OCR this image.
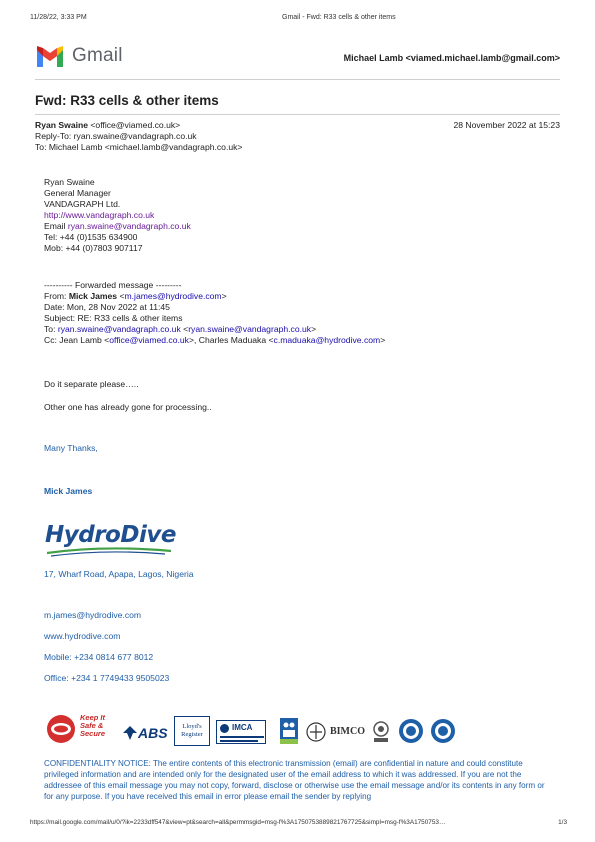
11/28/22, 3:33 PM	Gmail - Fwd: R33 cells & other items
Gmail	Michael Lamb <viamed.michael.lamb@gmail.com>
Fwd: R33 cells & other items
Ryan Swaine <office@viamed.co.uk>	28 November 2022 at 15:23
Reply-To: ryan.swaine@vandagraph.co.uk
To: Michael Lamb <michael.lamb@vandagraph.co.uk>
Ryan Swaine
General Manager
VANDAGRAPH Ltd.
http://www.vandagraph.co.uk
Email ryan.swaine@vandagraph.co.uk
Tel: +44 (0)1535 634900
Mob: +44 (0)7803 907117
---------- Forwarded message ---------
From: Mick James <m.james@hydrodive.com>
Date: Mon, 28 Nov 2022 at 11:45
Subject: RE: R33 cells & other items
To: ryan.swaine@vandagraph.co.uk <ryan.swaine@vandagraph.co.uk>
Cc: Jean Lamb <office@viamed.co.uk>, Charles Maduaka <c.maduaka@hydrodive.com>
Do it separate please…..
Other one has already gone for processing..
Many Thanks,
Mick James
HydroDive
17, Wharf Road, Apapa, Lagos, Nigeria
m.james@hydrodive.com
www.hydrodive.com
Mobile: +234 0814 677 8012
Office: +234 1 7749433 9505023
Keep It Safe & Secure	ABS	Lloyd's Register
IMCA	BIMCO
CONFIDENTIALITY NOTICE: The entire contents of this electronic transmission (email) are confidential in nature and could constitute privileged information and are intended only for the designated user of the email address to which it was addressed. If you are not the addressee of this email message you may not copy, forward, disclose or otherwise use the email message and/or its contents in any form or for any purpose. If you have received this email in error please email the sender by replying
https://mail.google.com/mail/u/0/?ik=2233dff547&view=pt&search=all&permmsgid=msg-f%3A1750753889821767725&simpl=msg-f%3A1750753…	1/3
